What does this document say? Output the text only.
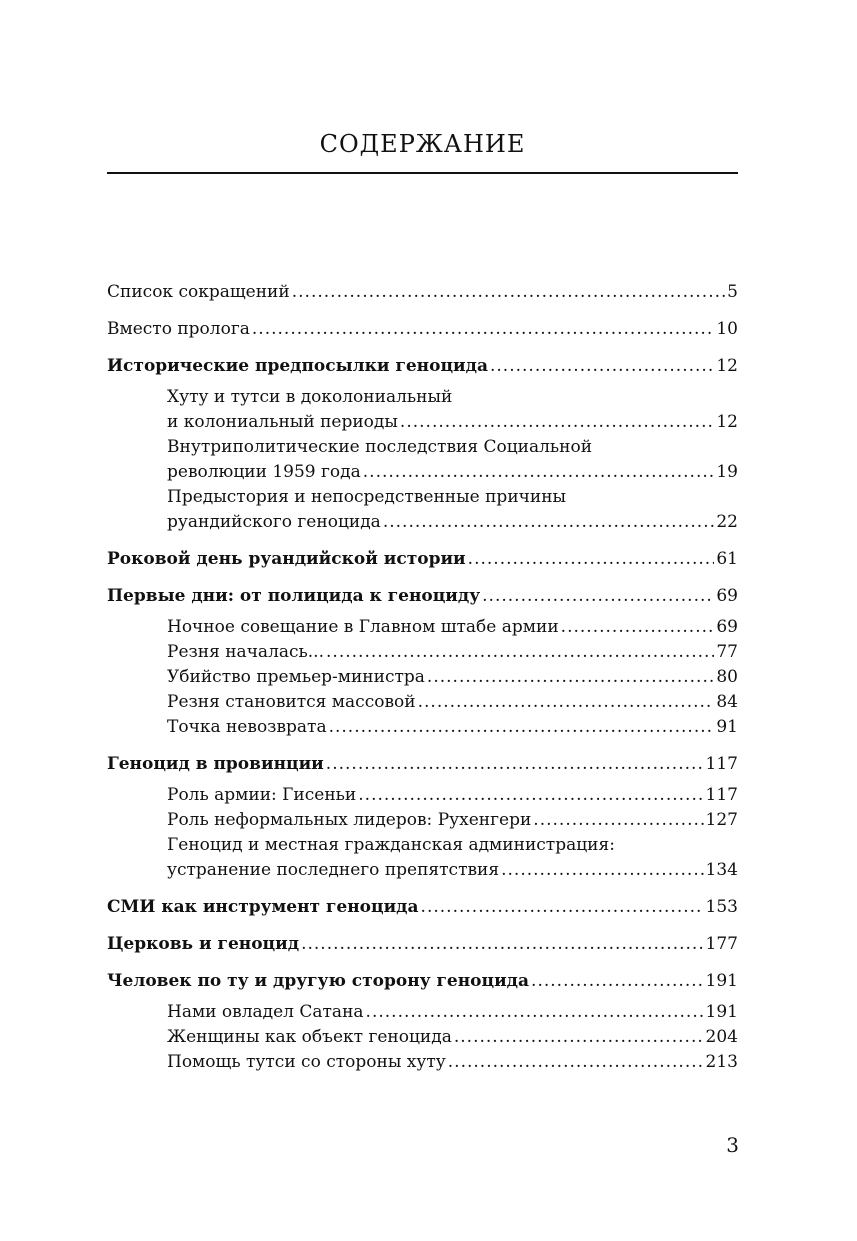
СОДЕРЖАНИЕ
Список сокращений . . .	5
Вместо пролога . . .	10
Исторические предпосылки геноцида . . .	12
Хуту и тутси в доколониальный
и колониальный периоды . . .	12
Внутриполитические последствия Социальной
революции 1959 года . . .	19
Предыстория и непосредственные причины
руандийского геноцида . . .	22
Роковой день руандийской истории . . .	61
Первые дни: от полицида к геноциду . . .	69
Ночное совещание в Главном штабе армии . . .	69
Резня началась... . . .	77
Убийство премьер-министра . . .	80
Резня становится массовой . . .	84
Точка невозврата . . .	91
Геноцид в провинции . . .	117
Роль армии: Гисеньи . . .	117
Роль неформальных лидеров: Рухенгери . . .	127
Геноцид и местная гражданская администрация:
устранение последнего препятствия . . .	134
СМИ как инструмент геноцида . . .	153
Церковь и геноцид . . .	177
Человек по ту и другую сторону геноцида . . .	191
Нами овладел Сатана . . .	191
Женщины как объект геноцида . . .	204
Помощь тутси со стороны хуту . . .	213
3
